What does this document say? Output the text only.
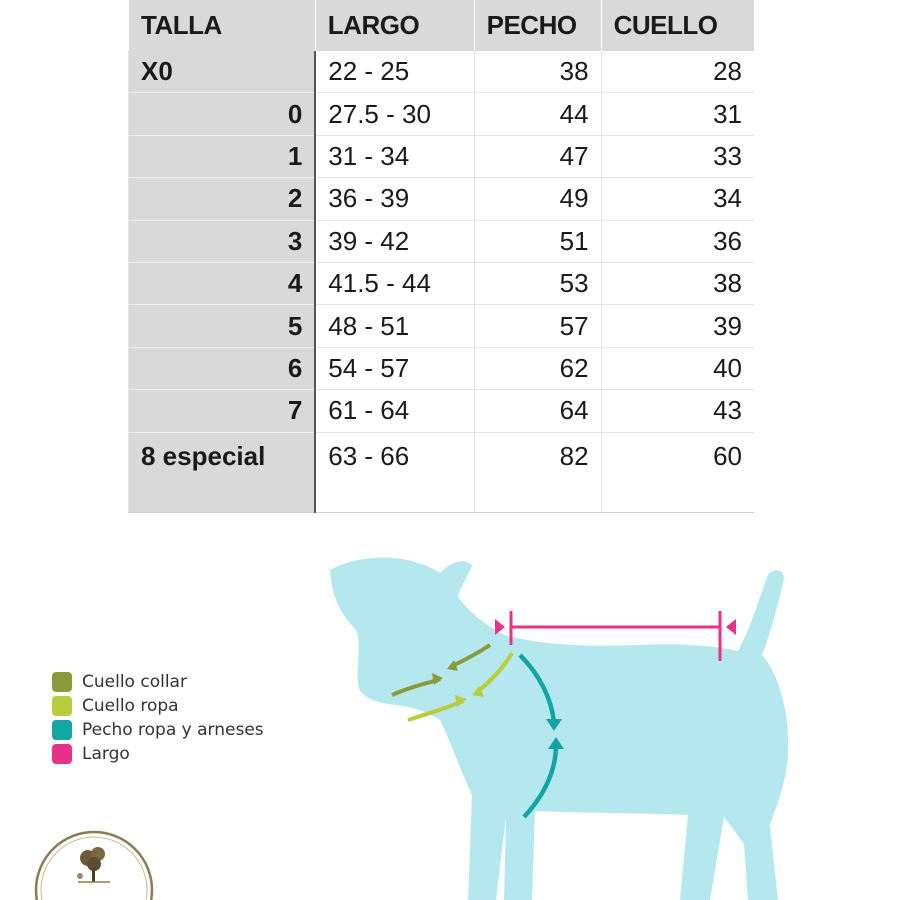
TALLA	LARGO	PECHO	CUELLO
X0	22 - 25	38	28
0	27.5 - 30	44	31
1	31 - 34	47	33
2	36 - 39	49	34
3	39 - 42	51	36
4	41.5 - 44	53	38
5	48 - 51	57	39
6	54 - 57	62	40
7	61 - 64	64	43
8 especial	63 - 66	82	60
Cuello collar
Cuello ropa
Pecho ropa y arneses
Largo
